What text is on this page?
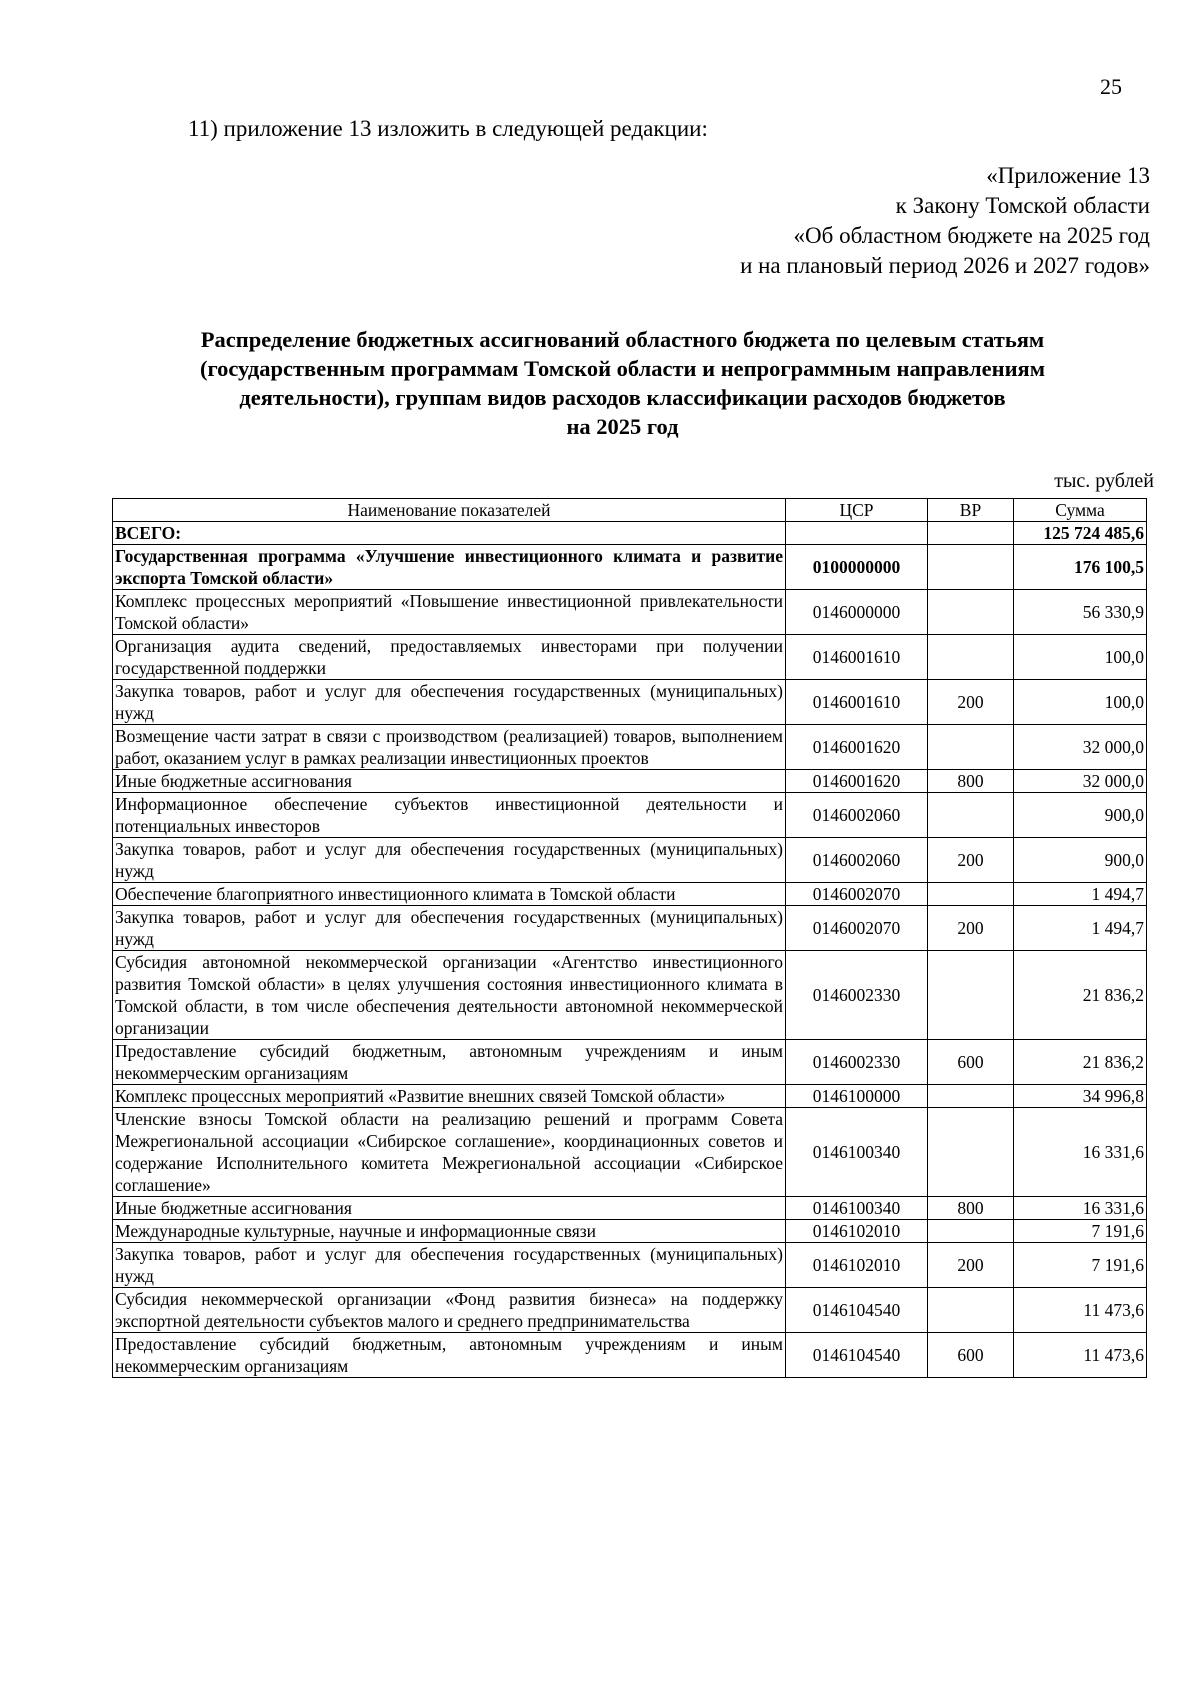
25
11) приложение 13 изложить в следующей редакции:
«Приложение 13
к Закону Томской области
«Об областном бюджете на 2025 год
и на плановый период 2026 и 2027 годов»
Распределение бюджетных ассигнований областного бюджета по целевым статьям
(государственным программам Томской области и непрограммным направлениям
деятельности), группам видов расходов классификации расходов бюджетов
на 2025 год
тыс. рублей
Наименование показателей	ЦСР	ВР	Сумма
ВСЕГО:			125 724 485,6
Государственная программа «Улучшение инвестиционного климата и развитие экспорта Томской области»	0100000000		176 100,5
Комплекс процессных мероприятий «Повышение инвестиционной привлекательности Томской области»	0146000000		56 330,9
Организация аудита сведений, предоставляемых инвесторами при получении государственной поддержки	0146001610		100,0
Закупка товаров, работ и услуг для обеспечения государственных (муниципальных) нужд	0146001610	200	100,0
Возмещение части затрат в связи с производством (реализацией) товаров, выполнением работ, оказанием услуг в рамках реализации инвестиционных проектов	0146001620		32 000,0
Иные бюджетные ассигнования	0146001620	800	32 000,0
Информационное обеспечение субъектов инвестиционной деятельности и потенциальных инвесторов	0146002060		900,0
Закупка товаров, работ и услуг для обеспечения государственных (муниципальных) нужд	0146002060	200	900,0
Обеспечение благоприятного инвестиционного климата в Томской области	0146002070		1 494,7
Закупка товаров, работ и услуг для обеспечения государственных (муниципальных) нужд	0146002070	200	1 494,7
Субсидия автономной некоммерческой организации «Агентство инвестиционного развития Томской области» в целях улучшения состояния инвестиционного климата в Томской области, в том числе обеспечения деятельности автономной некоммерческой организации	0146002330		21 836,2
Предоставление субсидий бюджетным, автономным учреждениям и иным некоммерческим организациям	0146002330	600	21 836,2
Комплекс процессных мероприятий «Развитие внешних связей Томской области»	0146100000		34 996,8
Членские взносы Томской области на реализацию решений и программ Совета Межрегиональной ассоциации «Сибирское соглашение», координационных советов и содержание Исполнительного комитета Межрегиональной ассоциации «Сибирское соглашение»	0146100340		16 331,6
Иные бюджетные ассигнования	0146100340	800	16 331,6
Международные культурные, научные и информационные связи	0146102010		7 191,6
Закупка товаров, работ и услуг для обеспечения государственных (муниципальных) нужд	0146102010	200	7 191,6
Субсидия некоммерческой организации «Фонд развития бизнеса» на поддержку экспортной деятельности субъектов малого и среднего предпринимательства	0146104540		11 473,6
Предоставление субсидий бюджетным, автономным учреждениям и иным некоммерческим организациям	0146104540	600	11 473,6
